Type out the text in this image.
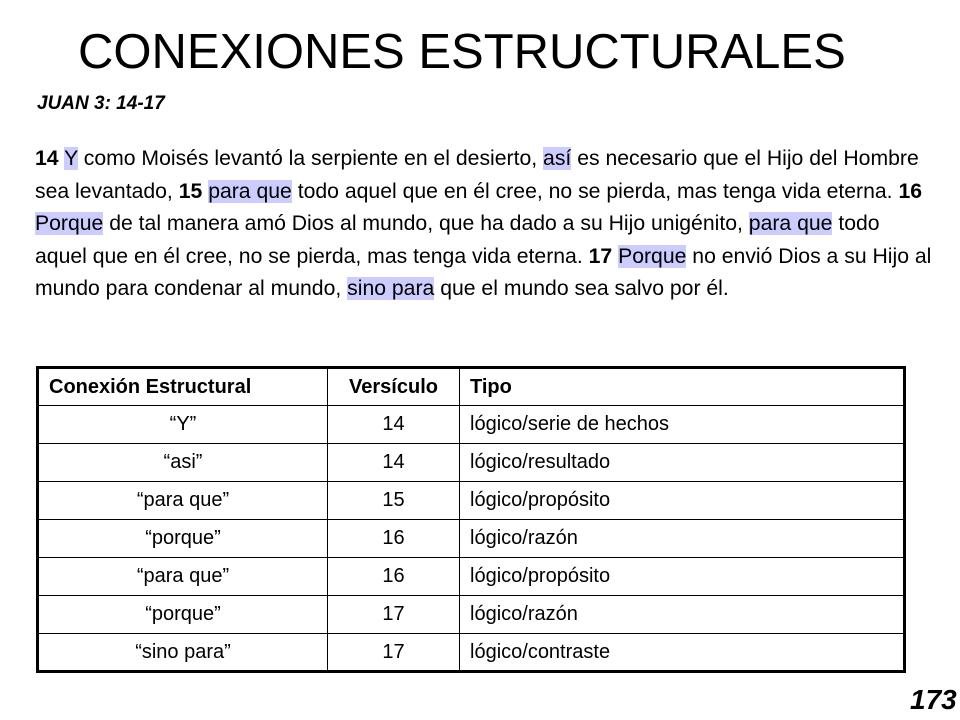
CONEXIONES ESTRUCTURALES
JUAN 3: 14-17
14 Y como Moisés levantó la serpiente en el desierto, así es necesario que el Hijo del Hombre sea levantado, 15 para que todo aquel que en él cree, no se pierda, mas tenga vida eterna. 16 Porque de tal manera amó Dios al mundo, que ha dado a su Hijo unigénito, para que todo aquel que en él cree, no se pierda, mas tenga vida eterna. 17 Porque no envió Dios a su Hijo al mundo para condenar al mundo, sino para que el mundo sea salvo por él.
Conexión Estructural	Versículo	Tipo
“Y”	14	lógico/serie de hechos
“asi”	14	lógico/resultado
“para que”	15	lógico/propósito
“porque”	16	lógico/razón
“para que”	16	lógico/propósito
“porque”	17	lógico/razón
“sino para”	17	lógico/contraste
173
